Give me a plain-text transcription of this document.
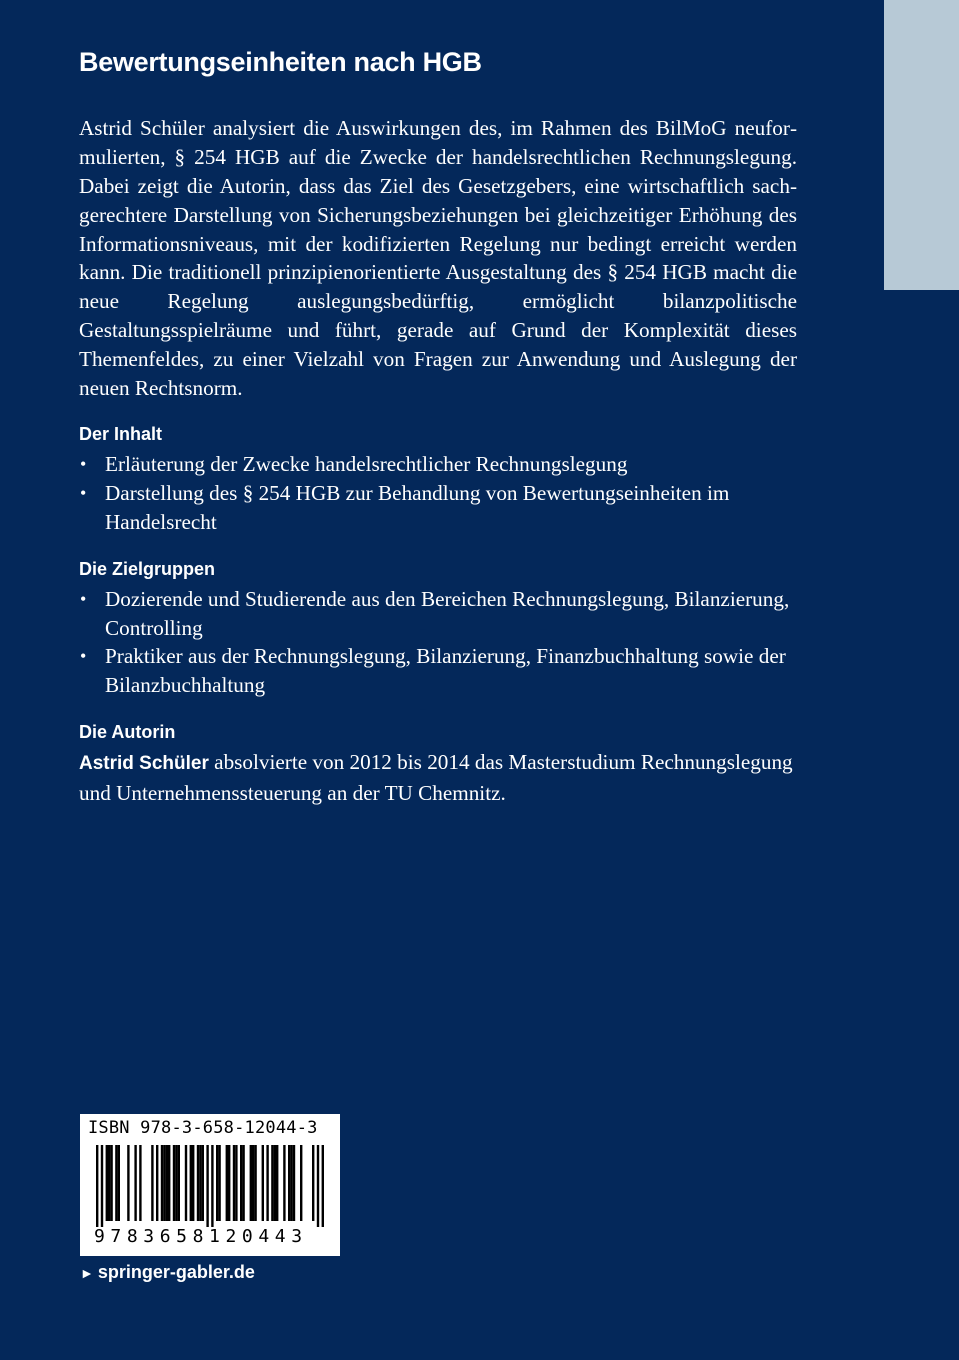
Bewertungseinheiten nach HGB

Astrid Schüler analysiert die Auswirkungen des, im Rahmen des BilMoG neuformulierten, § 254 HGB auf die Zwecke der handelsrechtlichen Rechnungslegung. Dabei zeigt die Autorin, dass das Ziel des Gesetzgebers, eine wirtschaftlich sachgerechtere Darstellung von Sicherungsbeziehungen bei gleichzeitiger Erhöhung des Informationsniveaus, mit der kodifizierten Regelung nur bedingt erreicht werden kann. Die traditionell prinzipienorientierte Ausgestaltung des § 254 HGB macht die neue Regelung auslegungsbedürftig, ermöglicht bilanzpolitische Gestaltungsspielräume und führt, gerade auf Grund der Komplexität dieses Themenfeldes, zu einer Vielzahl von Fragen zur Anwendung und Auslegung der neuen Rechtsnorm.

Der Inhalt
• Erläuterung der Zwecke handelsrechtlicher Rechnungslegung
• Darstellung des § 254 HGB zur Behandlung von Bewertungseinheiten im Handelsrecht
Die Zielgruppen
• Dozierende und Studierende aus den Bereichen Rechnungslegung, Bilanzierung, Controlling
• Praktiker aus der Rechnungslegung, Bilanzierung, Finanzbuchhaltung sowie der Bilanzbuchhaltung
Die Autorin

Astrid Schüler absolvierte von 2012 bis 2014 das Masterstudium Rechnungslegung und Unternehmenssteuerung an der TU Chemnitz.

ISBN 978-3-658-12044-3
9783658120443
► springer-gabler.de
